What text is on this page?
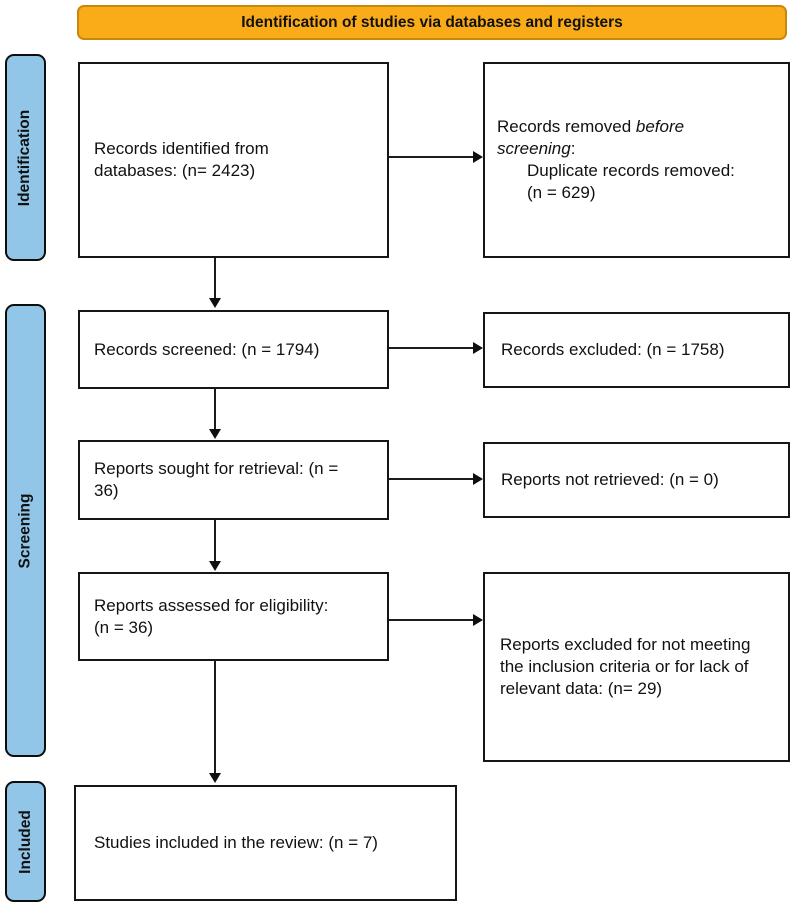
Identification of studies via databases and registers
Identification
Screening
Included
Records identified from
databases: (n= 2423)
Records removed before
screening:
Duplicate records removed:
(n = 629)
Records screened: (n = 1794)	Records excluded: (n = 1758)
Reports sought for retrieval: (n =
36)
Reports not retrieved: (n = 0)
Reports assessed for eligibility:
(n = 36)
Reports excluded for not meeting
the inclusion criteria or for lack of
relevant data: (n= 29)
Studies included in the review: (n = 7)
